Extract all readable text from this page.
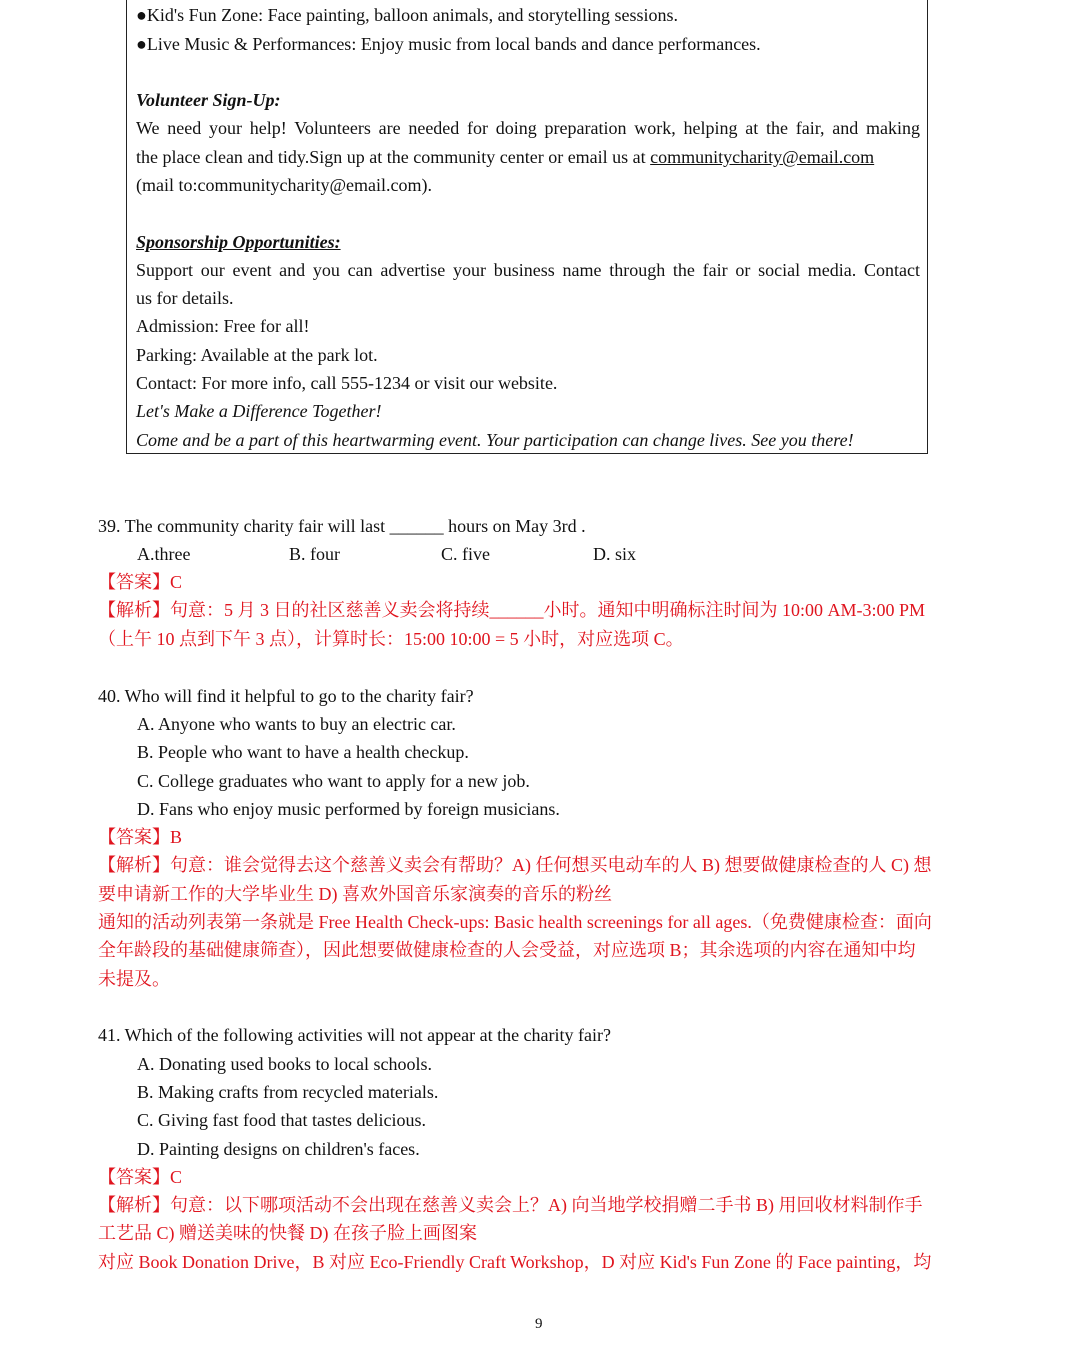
●Kid's Fun Zone: Face painting, balloon animals, and storytelling sessions.
●Live Music & Performances: Enjoy music from local bands and dance performances.
Volunteer Sign-Up:
We need your help! Volunteers are needed for doing preparation work, helping at the fair, and making
the place clean and tidy.Sign up at the community center or email us at communitycharity@email.com
(mail to:communitycharity@email.com).
Sponsorship Opportunities:
Support our event and you can advertise your business name through the fair or social media. Contact
us for details.
Admission: Free for all!
Parking: Available at the park lot.
Contact: For more info, call 555-1234 or visit our website.
Let's Make a Difference Together!
Come and be a part of this heartwarming event. Your participation can change lives. See you there!
39. The community charity fair will last ______ hours on May 3rd .
A.three	B. four	C. five	D. six
【答案】C
【解析】句意：5 月 3 日的社区慈善义卖会将持续______小时。通知中明确标注时间为 10:00 AM-3:00 PM
（上午 10 点到下午 3 点），计算时长：15:00 10:00 = 5 小时，对应选项 C。
40. Who will find it helpful to go to the charity fair?
A. Anyone who wants to buy an electric car.
B. People who want to have a health checkup.
C. College graduates who want to apply for a new job.
D. Fans who enjoy music performed by foreign musicians.
【答案】B
【解析】句意：谁会觉得去这个慈善义卖会有帮助？A) 任何想买电动车的人 B) 想要做健康检查的人 C) 想
要申请新工作的大学毕业生 D) 喜欢外国音乐家演奏的音乐的粉丝
通知的活动列表第一条就是 Free Health Check-ups: Basic health screenings for all ages.（免费健康检查：面向
全年龄段的基础健康筛查），因此想要做健康检查的人会受益，对应选项 B；其余选项的内容在通知中均
未提及。
41. Which of the following activities will not appear at the charity fair?
A. Donating used books to local schools.
B. Making crafts from recycled materials.
C. Giving fast food that tastes delicious.
D. Painting designs on children's faces.
【答案】C
【解析】句意：以下哪项活动不会出现在慈善义卖会上？A) 向当地学校捐赠二手书 B) 用回收材料制作手
工艺品 C) 赠送美味的快餐 D) 在孩子脸上画图案
对应 Book Donation Drive，B 对应 Eco-Friendly Craft Workshop，D 对应 Kid's Fun Zone 的 Face painting，均
9
